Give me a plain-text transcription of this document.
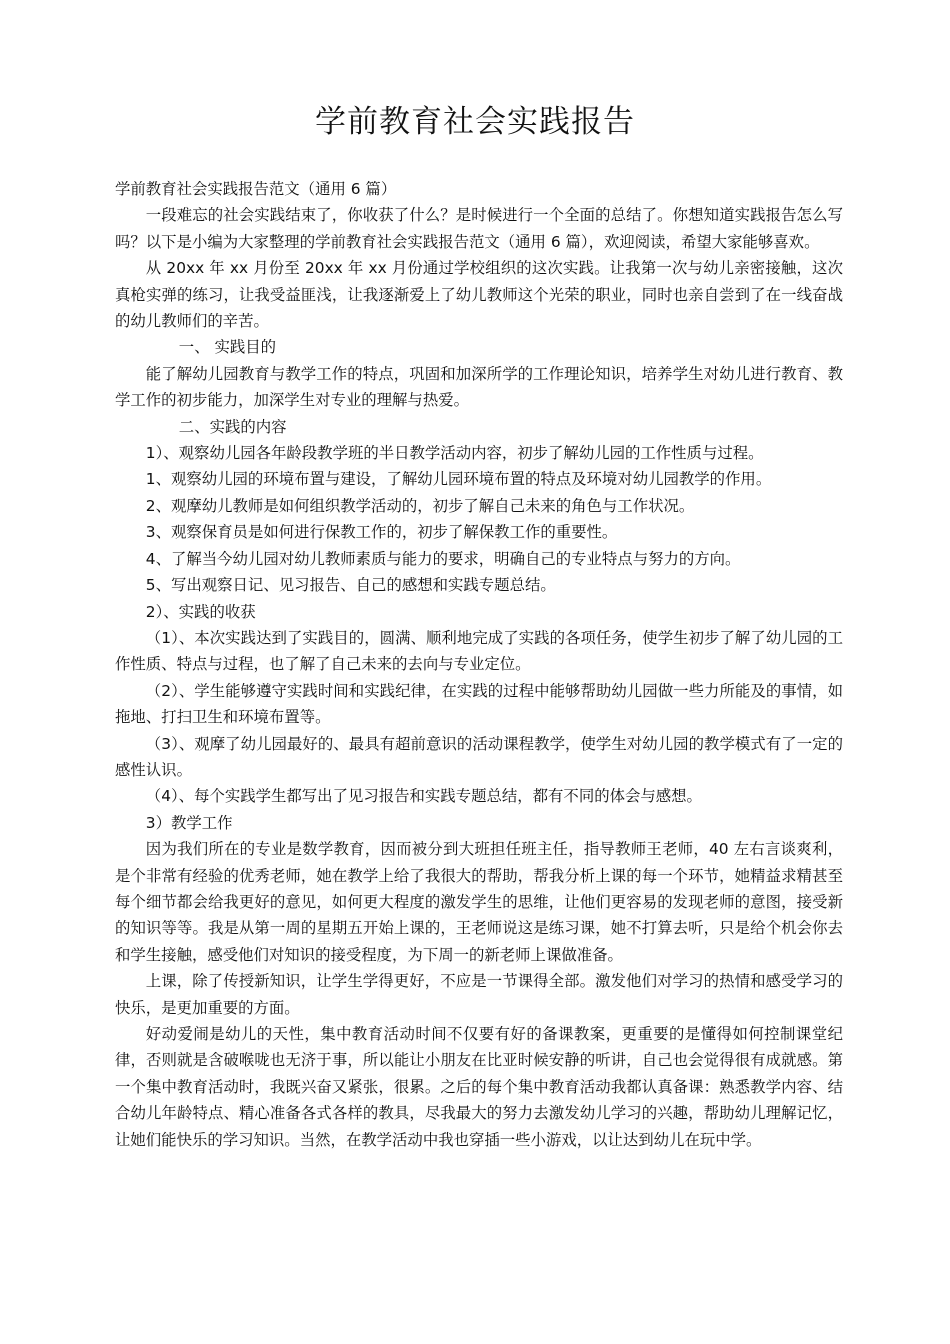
学前教育社会实践报告

学前教育社会实践报告范文（通用 6 篇）

一段难忘的社会实践结束了，你收获了什么？是时候进行一个全面的总结了。你想知道实践报告怎么写吗？以下是小编为大家整理的学前教育社会实践报告范文（通用 6 篇），欢迎阅读，希望大家能够喜欢。

从 20xx 年 xx 月份至 20xx 年 xx 月份通过学校组织的这次实践。让我第一次与幼儿亲密接触，这次真枪实弹的练习，让我受益匪浅，让我逐渐爱上了幼儿教师这个光荣的职业，同时也亲自尝到了在一线奋战的幼儿教师们的辛苦。

一、 实践目的

能了解幼儿园教育与教学工作的特点，巩固和加深所学的工作理论知识，培养学生对幼儿进行教育、教学工作的初步能力，加深学生对专业的理解与热爱。

二、实践的内容

1）、观察幼儿园各年龄段教学班的半日教学活动内容，初步了解幼儿园的工作性质与过程。

1、观察幼儿园的环境布置与建设，了解幼儿园环境布置的特点及环境对幼儿园教学的作用。

2、观摩幼儿教师是如何组织教学活动的，初步了解自己未来的角色与工作状况。

3、观察保育员是如何进行保教工作的，初步了解保教工作的重要性。

4、了解当今幼儿园对幼儿教师素质与能力的要求，明确自己的专业特点与努力的方向。

5、写出观察日记、见习报告、自己的感想和实践专题总结。

2）、实践的收获

（1）、本次实践达到了实践目的，圆满、顺利地完成了实践的各项任务，使学生初步了解了幼儿园的工作性质、特点与过程，也了解了自己未来的去向与专业定位。

（2）、学生能够遵守实践时间和实践纪律，在实践的过程中能够帮助幼儿园做一些力所能及的事情，如拖地、打扫卫生和环境布置等。

（3）、观摩了幼儿园最好的、最具有超前意识的活动课程教学，使学生对幼儿园的教学模式有了一定的感性认识。

（4）、每个实践学生都写出了见习报告和实践专题总结，都有不同的体会与感想。

3）教学工作

因为我们所在的专业是数学教育，因而被分到大班担任班主任，指导教师王老师，40 左右言谈爽利，是个非常有经验的优秀老师，她在教学上给了我很大的帮助，帮我分析上课的每一个环节，她精益求精甚至每个细节都会给我更好的意见，如何更大程度的激发学生的思维，让他们更容易的发现老师的意图，接受新的知识等等。我是从第一周的星期五开始上课的，王老师说这是练习课，她不打算去听，只是给个机会你去和学生接触，感受他们对知识的接受程度，为下周一的新老师上课做准备。

上课，除了传授新知识，让学生学得更好，不应是一节课得全部。激发他们对学习的热情和感受学习的快乐，是更加重要的方面。

好动爱闹是幼儿的天性，集中教育活动时间不仅要有好的备课教案，更重要的是懂得如何控制课堂纪律，否则就是含破喉咙也无济于事，所以能让小朋友在比亚时候安静的听讲，自己也会觉得很有成就感。第一个集中教育活动时，我既兴奋又紧张，很累。之后的每个集中教育活动我都认真备课：熟悉教学内容、结合幼儿年龄特点、精心准备各式各样的教具，尽我最大的努力去激发幼儿学习的兴趣，帮助幼儿理解记忆，让她们能快乐的学习知识。当然，在教学活动中我也穿插一些小游戏，以让达到幼儿在玩中学。
